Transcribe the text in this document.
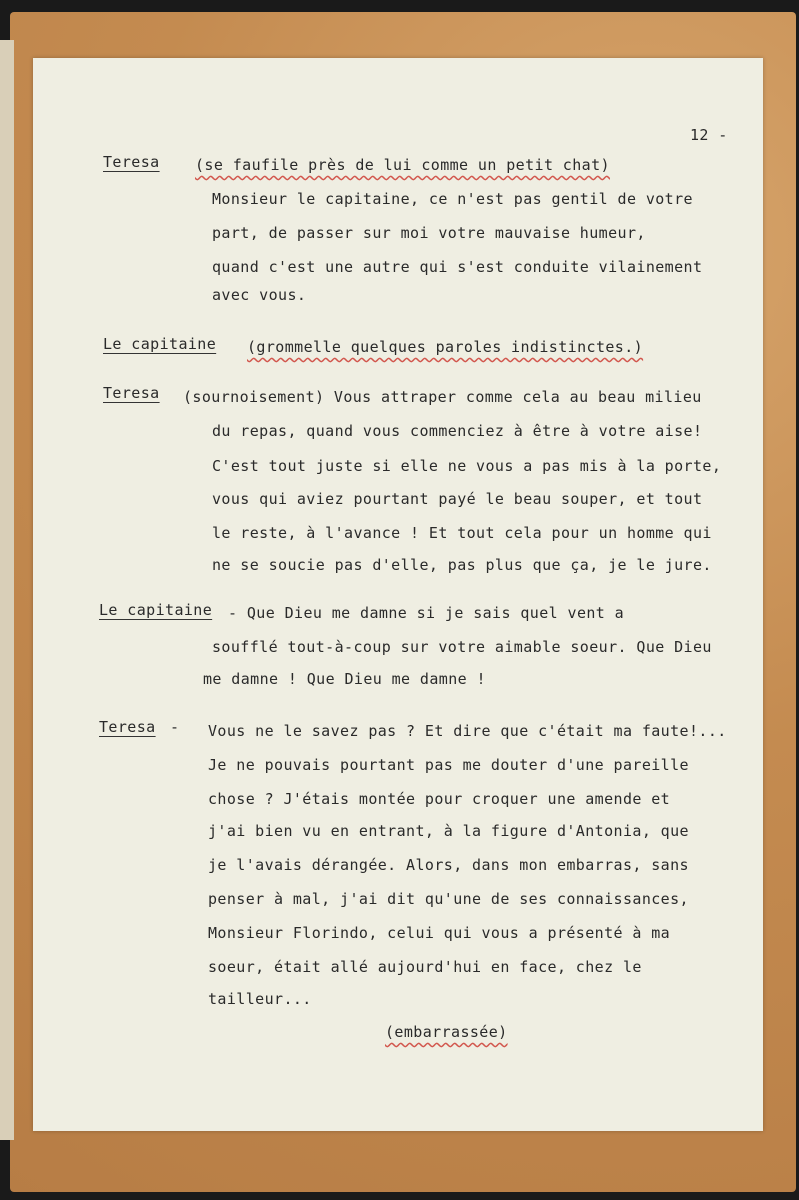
12 -
Teresa (se faufile près de lui comme un petit chat)
Monsieur le capitaine, ce n'est pas gentil de votre
part, de passer sur moi votre mauvaise humeur,
quand c'est une autre qui s'est conduite vilainement
avec vous.
Le capitaine (grommelle quelques paroles indistinctes.)
Teresa (sournoisement) Vous attraper comme cela au beau milieu
du repas, quand vous commenciez à être à votre aise!
C'est tout juste si elle ne vous a pas mis à la porte,
vous qui aviez pourtant payé le beau souper, et tout
le reste, à l'avance ! Et tout cela pour un homme qui
ne se soucie pas d'elle, pas plus que ça, je le jure.
Le capitaine - Que Dieu me damne si je sais quel vent a
soufflé tout-à-coup sur votre aimable soeur. Que Dieu
me damne ! Que Dieu me damne !
Teresa - Vous ne le savez pas ? Et dire que c'était ma faute!...
Je ne pouvais pourtant pas me douter d'une pareille
chose ? J'étais montée pour croquer une amende et
j'ai bien vu en entrant, à la figure d'Antonia, que
je l'avais dérangée. Alors, dans mon embarras, sans
penser à mal, j'ai dit qu'une de ses connaissances,
Monsieur Florindo, celui qui vous a présenté à ma
soeur, était allé aujourd'hui en face, chez le
tailleur...
(embarrassée)
